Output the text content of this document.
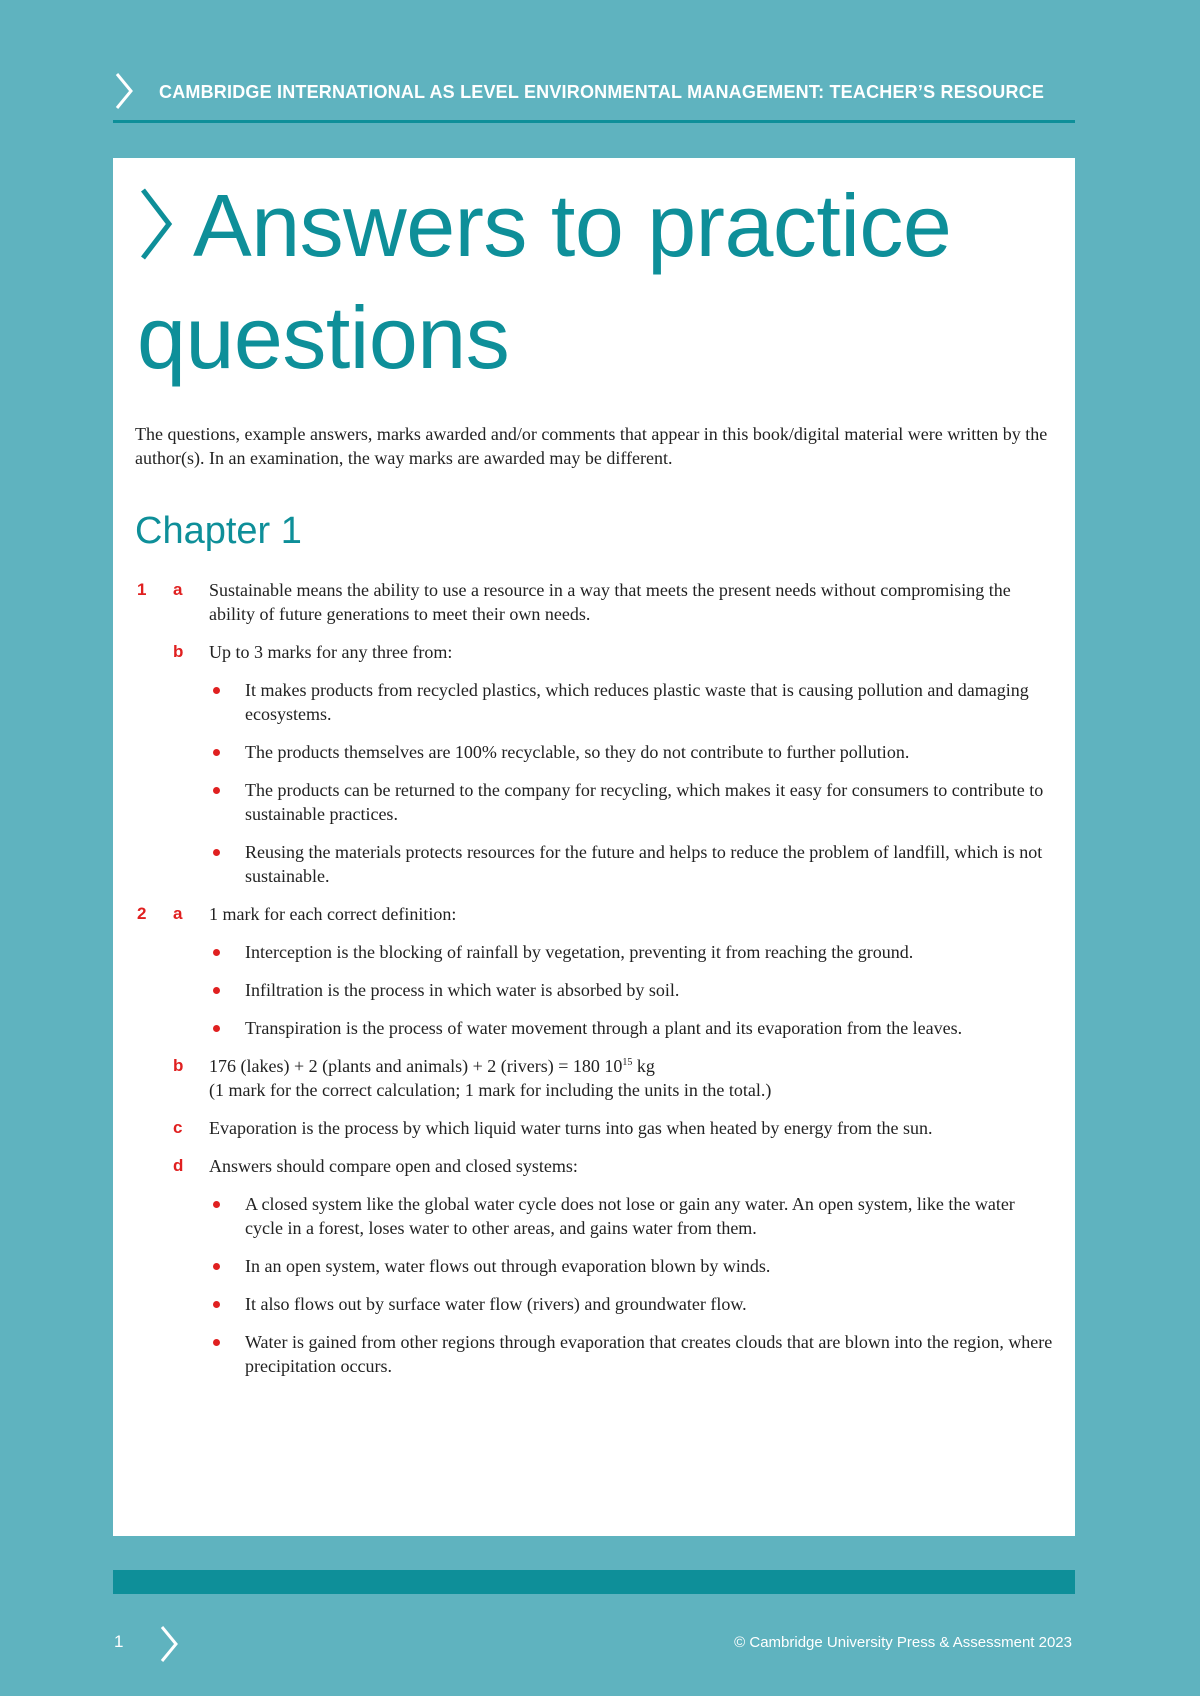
CAMBRIDGE INTERNATIONAL AS LEVEL ENVIRONMENTAL MANAGEMENT: TEACHER’S RESOURCE
Answers to practice questions

The questions, example answers, marks awarded and/or comments that appear in this book/digital material were written by the author(s). In an examination, the way marks are awarded may be different.

Chapter 1
1 a Sustainable means the ability to use a resource in a way that meets the present needs without compromising the ability of future generations to meet their own needs.
b Up to 3 marks for any three from:
It makes products from recycled plastics, which reduces plastic waste that is causing pollution and damaging ecosystems.
The products themselves are 100% recyclable, so they do not contribute to further pollution.
The products can be returned to the company for recycling, which makes it easy for consumers to contribute to sustainable practices.
Reusing the materials protects resources for the future and helps to reduce the problem of landfill, which is not sustainable.
2 a 1 mark for each correct definition:
Interception is the blocking of rainfall by vegetation, preventing it from reaching the ground.
Infiltration is the process in which water is absorbed by soil.
Transpiration is the process of water movement through a plant and its evaporation from the leaves.
b 176 (lakes) + 2 (plants and animals) + 2 (rivers) = 180 $10^{15}$ kg
(1 mark for the correct calculation; 1 mark for including the units in the total.)
c Evaporation is the process by which liquid water turns into gas when heated by energy from the sun.
d Answers should compare open and closed systems:
A closed system like the global water cycle does not lose or gain any water. An open system, like the water cycle in a forest, loses water to other areas, and gains water from them.
In an open system, water flows out through evaporation blown by winds.
It also flows out by surface water flow (rivers) and groundwater flow.
Water is gained from other regions through evaporation that creates clouds that are blown into the region, where precipitation occurs.
1	© Cambridge University Press & Assessment 2023
